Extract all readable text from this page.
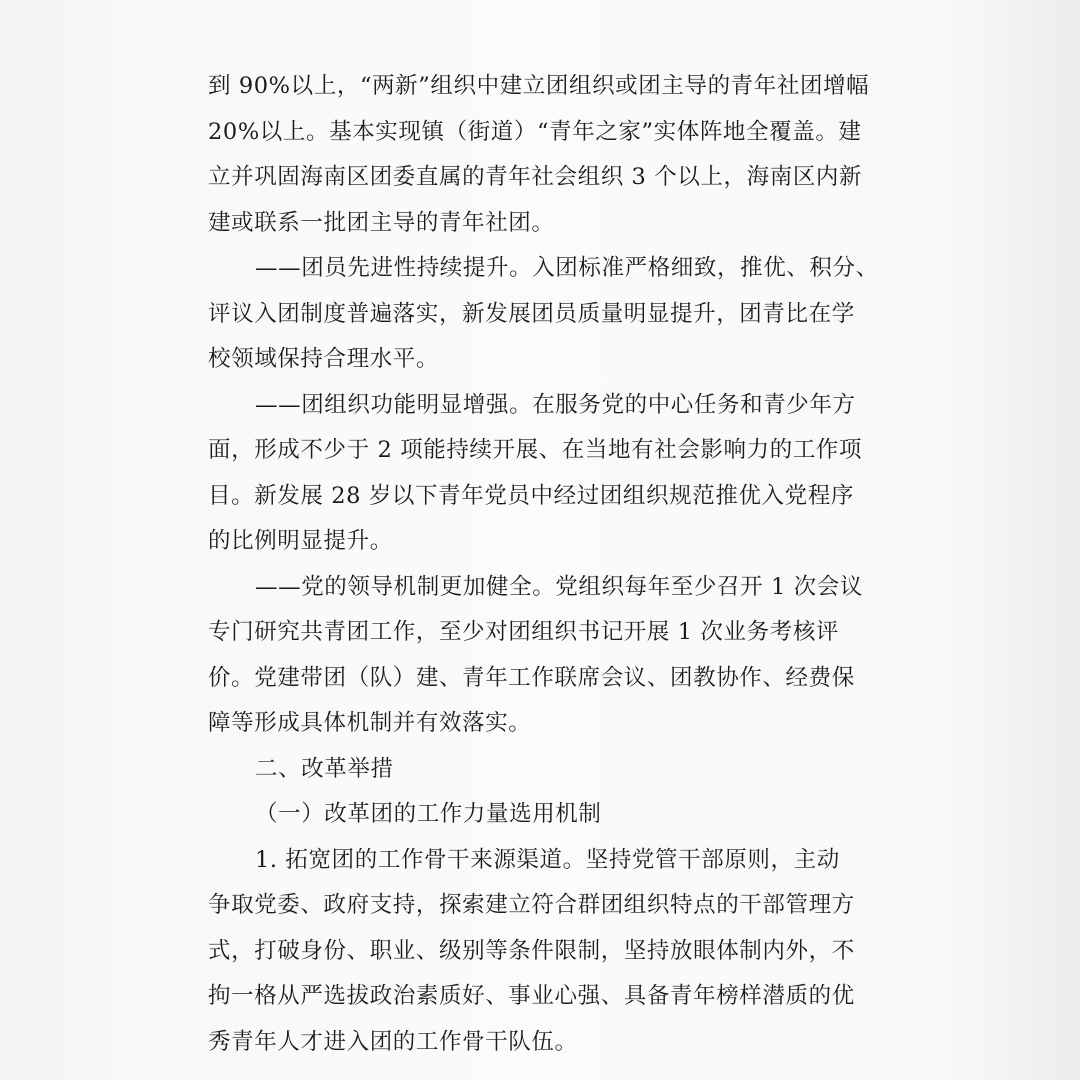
到 90%以上，“两新”组织中建立团组织或团主导的青年社团增幅
20%以上。基本实现镇（街道）“青年之家”实体阵地全覆盖。建
立并巩固海南区团委直属的青年社会组织 3 个以上，海南区内新
建或联系一批团主导的青年社团。
——团员先进性持续提升。入团标准严格细致，推优、积分、
评议入团制度普遍落实，新发展团员质量明显提升，团青比在学
校领域保持合理水平。
——团组织功能明显增强。在服务党的中心任务和青少年方
面，形成不少于 2 项能持续开展、在当地有社会影响力的工作项
目。新发展 28 岁以下青年党员中经过团组织规范推优入党程序
的比例明显提升。
——党的领导机制更加健全。党组织每年至少召开 1 次会议
专门研究共青团工作，至少对团组织书记开展 1 次业务考核评
价。党建带团（队）建、青年工作联席会议、团教协作、经费保
障等形成具体机制并有效落实。
二、改革举措
（一）改革团的工作力量选用机制
1. 拓宽团的工作骨干来源渠道。坚持党管干部原则，主动
争取党委、政府支持，探索建立符合群团组织特点的干部管理方
式，打破身份、职业、级别等条件限制，坚持放眼体制内外，不
拘一格从严选拔政治素质好、事业心强、具备青年榜样潜质的优
秀青年人才进入团的工作骨干队伍。
